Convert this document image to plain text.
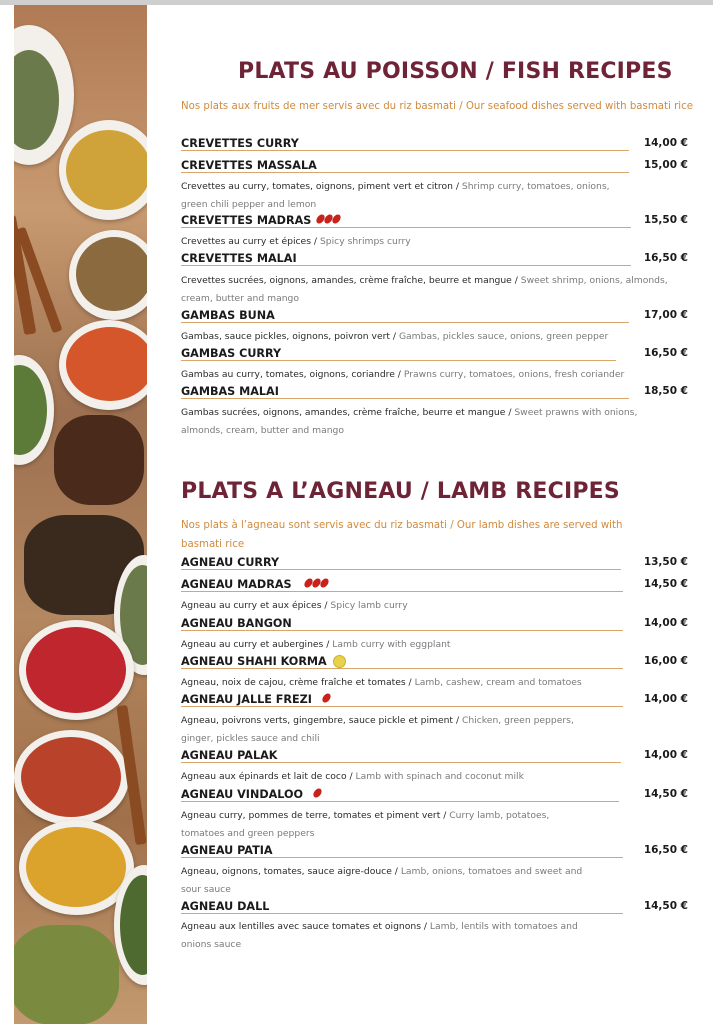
PLATS AU POISSON / FISH RECIPES
Nos plats aux fruits de mer servis avec du riz basmati / Our seafood dishes served with basmati rice
CREVETTES CURRY	14,00 €
CREVETTES MASSALA	15,00 €
Crevettes au curry, tomates, oignons, piment vert et citron / Shrimp curry, tomatoes, onions, green chili pepper and lemon
CREVETTES MADRAS	15,50 €
Crevettes au curry et épices / Spicy shrimps curry
CREVETTES MALAI	16,50 €
Crevettes sucrées, oignons, amandes, crème fraîche, beurre et mangue / Sweet shrimp, onions, almonds, cream, butter and mango
GAMBAS BUNA	17,00 €
Gambas, sauce pickles, oignons, poivron vert / Gambas, pickles sauce, onions, green pepper
GAMBAS CURRY	16,50 €
Gambas au curry, tomates, oignons, coriandre / Prawns curry, tomatoes, onions, fresh coriander
GAMBAS MALAI	18,50 €
Gambas sucrées, oignons, amandes, crème fraîche, beurre et mangue / Sweet prawns with onions, almonds, cream, butter and mango
PLATS A L’AGNEAU / LAMB RECIPES
Nos plats à l’agneau sont servis avec du riz basmati / Our lamb dishes are served with basmati rice
AGNEAU CURRY	13,50 €
AGNEAU MADRAS	14,50 €
Agneau au curry et aux épices / Spicy lamb curry
AGNEAU BANGON	14,00 €
Agneau au curry et aubergines / Lamb curry with eggplant
AGNEAU SHAHI KORMA	16,00 €
Agneau, noix de cajou, crème fraîche et tomates / Lamb, cashew, cream and tomatoes
AGNEAU JALLE FREZI	14,00 €
Agneau, poivrons verts, gingembre, sauce pickle et piment / Chicken, green peppers, ginger, pickles sauce and chili
AGNEAU PALAK	14,00 €
Agneau aux épinards et lait de coco / Lamb with spinach and coconut milk
AGNEAU VINDALOO	14,50 €
Agneau curry, pommes de terre, tomates et piment vert / Curry lamb, potatoes, tomatoes and green peppers
AGNEAU PATIA	16,50 €
Agneau, oignons, tomates, sauce aigre-douce / Lamb, onions, tomatoes and sweet and sour sauce
AGNEAU DALL	14,50 €
Agneau aux lentilles avec sauce tomates et oignons / Lamb, lentils with tomatoes and onions sauce
